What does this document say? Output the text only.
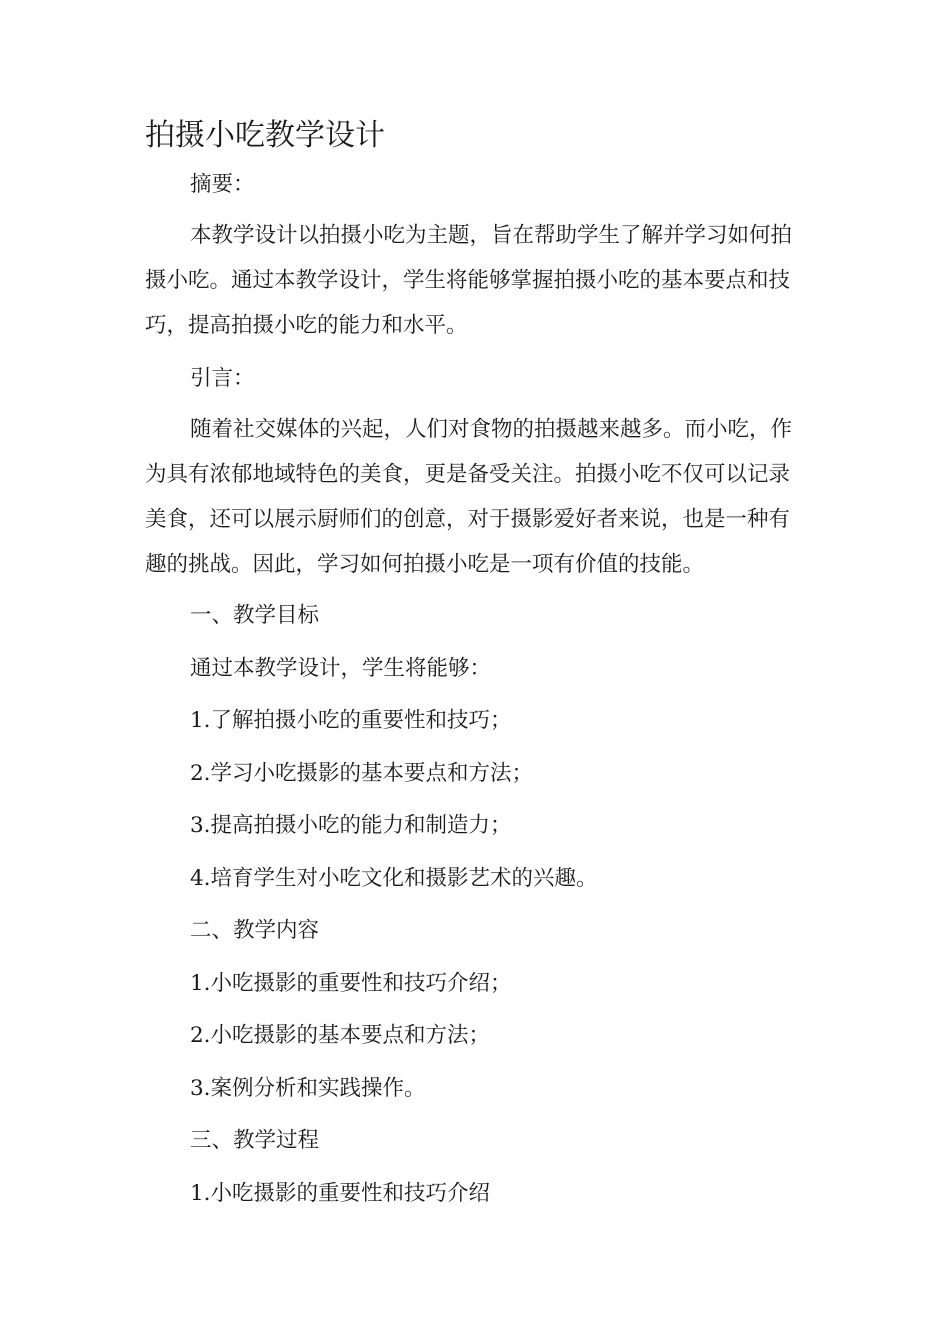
拍摄小吃教学设计

摘要：

本教学设计以拍摄小吃为主题，旨在帮助学生了解并学习如何拍摄小吃。通过本教学设计，学生将能够掌握拍摄小吃的基本要点和技巧，提高拍摄小吃的能力和水平。

引言：

随着社交媒体的兴起，人们对食物的拍摄越来越多。而小吃，作为具有浓郁地域特色的美食，更是备受关注。拍摄小吃不仅可以记录美食，还可以展示厨师们的创意，对于摄影爱好者来说，也是一种有趣的挑战。因此，学习如何拍摄小吃是一项有价值的技能。

一、教学目标

通过本教学设计，学生将能够：

1.了解拍摄小吃的重要性和技巧；

2.学习小吃摄影的基本要点和方法；

3.提高拍摄小吃的能力和制造力；

4.培育学生对小吃文化和摄影艺术的兴趣。

二、教学内容

1.小吃摄影的重要性和技巧介绍；

2.小吃摄影的基本要点和方法；

3.案例分析和实践操作。

三、教学过程

1.小吃摄影的重要性和技巧介绍
